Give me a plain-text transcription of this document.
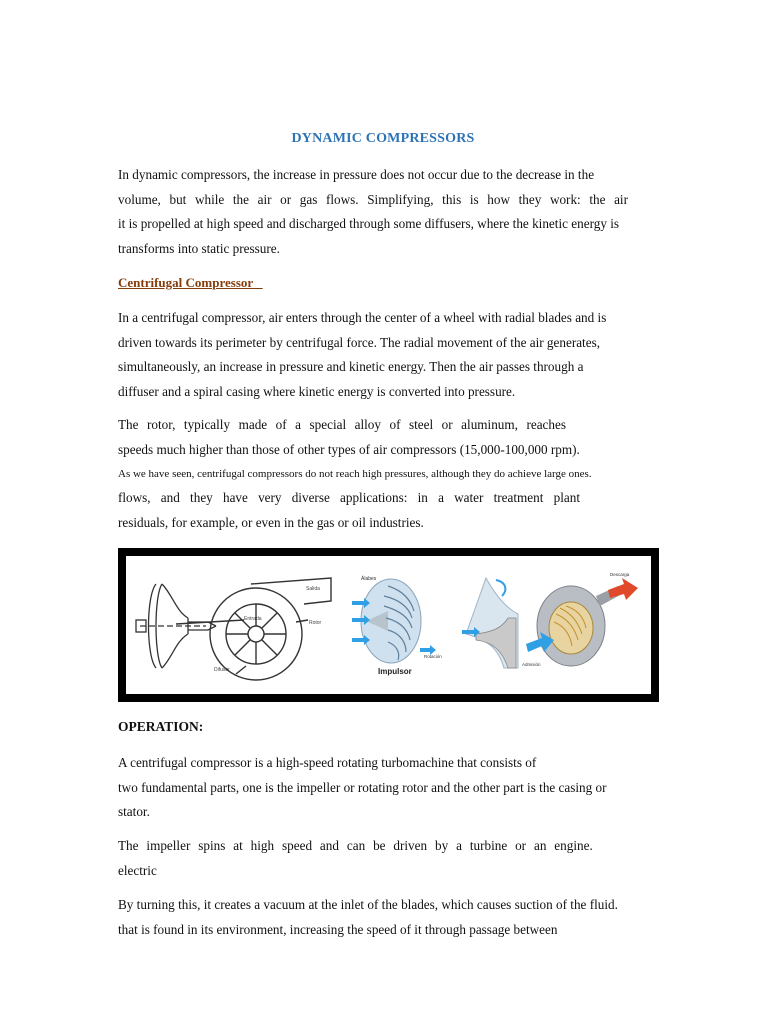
DYNAMIC COMPRESSORS
In dynamic compressors, the increase in pressure does not occur due to the decrease in the
volume, but while the air or gas flows. Simplifying, this is how they work: the air
it is propelled at high speed and discharged through some diffusers, where the kinetic energy is
transforms into static pressure.
Centrifugal Compressor
In a centrifugal compressor, air enters through the center of a wheel with radial blades and is
driven towards its perimeter by centrifugal force. The radial movement of the air generates,
simultaneously, an increase in pressure and kinetic energy. Then the air passes through a
diffuser and a spiral casing where kinetic energy is converted into pressure.
The rotor, typically made of a special alloy of steel or aluminum, reaches
speeds much higher than those of other types of air compressors (15,000-100,000 rpm).
As we have seen, centrifugal compressors do not reach high pressures, although they do achieve large ones.
flows, and they have very diverse applications: in a water treatment plant
residuals, for example, or even in the gas or oil industries.
OPERATION:
A centrifugal compressor is a high-speed rotating turbomachine that consists of
two fundamental parts, one is the impeller or rotating rotor and the other part is the casing or
stator.
The impeller spins at high speed and can be driven by a turbine or an engine.
electric
By turning this, it creates a vacuum at the inlet of the blades, which causes suction of the fluid.
that is found in its environment, increasing the speed of it through passage between
Entrada
Salida
Rotor
Difusor
Álabes
Rotación
Impulsor
Descarga
Admisión
